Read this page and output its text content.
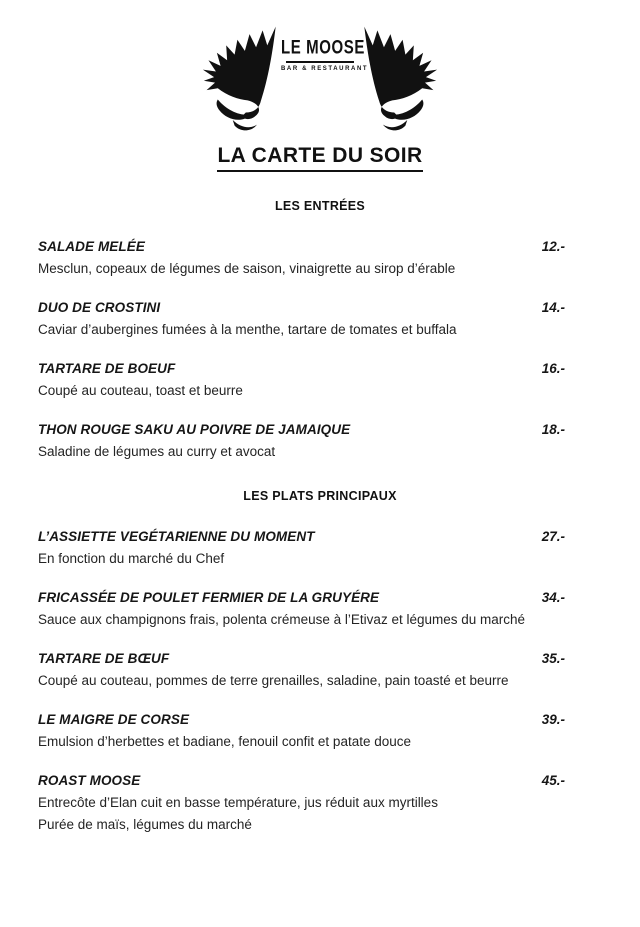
LE MOOSE
BAR & RESTAURANT
LA CARTE DU SOIR
LES ENTRÉES
SALADE MELÉE	12.-
Mesclun, copeaux de légumes de saison, vinaigrette au sirop d’érable
DUO DE CROSTINI	14.-
Caviar d’aubergines fumées à la menthe, tartare de tomates et buffala
TARTARE DE BOEUF	16.-
Coupé au couteau, toast et beurre
THON ROUGE SAKU AU POIVRE DE JAMAIQUE	18.-
Saladine de légumes au curry et avocat
LES PLATS PRINCIPAUX
L’ASSIETTE VEGÉTARIENNE DU MOMENT	27.-
En fonction du marché du Chef
FRICASSÉE DE POULET FERMIER DE LA GRUYÉRE	34.-
Sauce aux champignons frais, polenta crémeuse à l’Etivaz et légumes du marché
TARTARE DE BŒUF	35.-
Coupé au couteau, pommes de terre grenailles, saladine, pain toasté et beurre
LE MAIGRE DE CORSE	39.-
Emulsion d’herbettes et badiane, fenouil confit et patate douce
ROAST MOOSE	45.-
Entrecôte d’Elan cuit en basse température, jus réduit aux myrtilles
Purée de maïs, légumes du marché
